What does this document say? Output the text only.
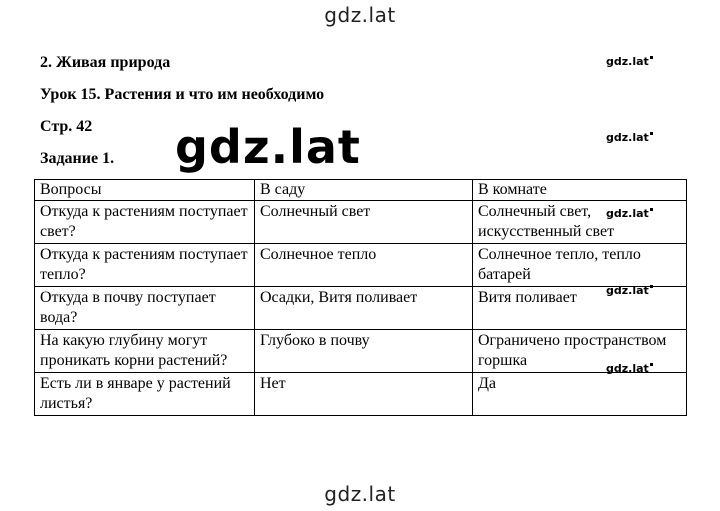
gdz.lat
2. Живая природа
Урок 15. Растения и что им необходимо
Стр. 42
Задание 1.
Вопросы	В саду	В комнате
Откуда к растениям поступает свет?	Солнечный свет	Солнечный свет, искусственный свет
Откуда к растениям поступает тепло?	Солнечное тепло	Солнечное тепло, тепло батарей
Откуда в почву поступает вода?	Осадки, Витя поливает	Витя поливает
На какую глубину могут проникать корни растений?	Глубоко в почву	Ограничено пространством горшка
Есть ли в январе у растений листья?	Нет	Да
gdz.lat
gdz.lat
gdz.lat
gdz.lat
gdz.lat
gdz.lat
gdz.lat
